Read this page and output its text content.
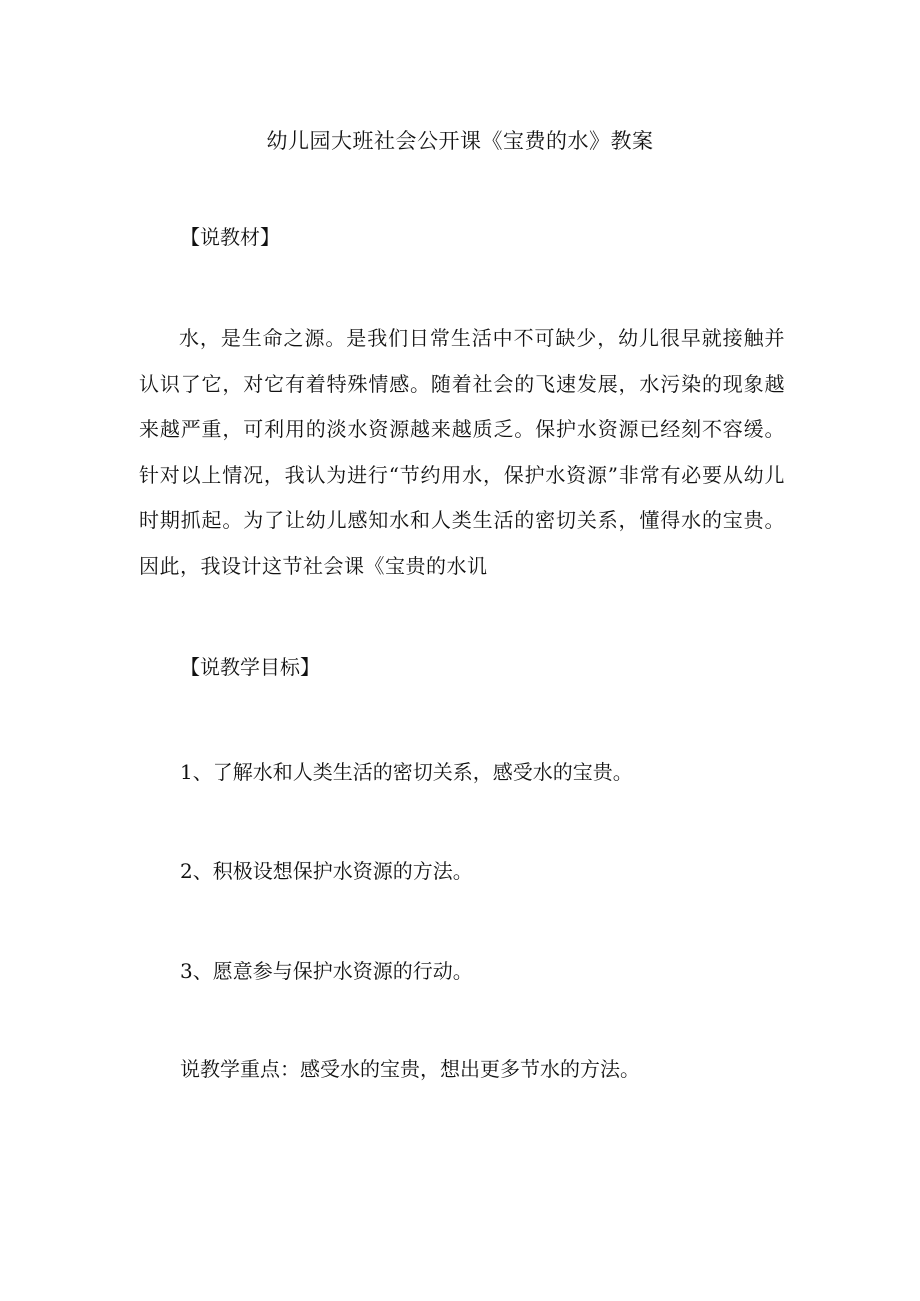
幼儿园大班社会公开课《宝费的水》教案
【说教材】
水，是生命之源。是我们日常生活中不可缺少，幼儿很早就接触并认识了它，对它有着特殊情感。随着社会的飞速发展，水污染的现象越来越严重，可利用的淡水资源越来越质乏。保护水资源已经刻不容缓。针对以上情况，我认为进行“节约用水，保护水资源”非常有必要从幼儿时期抓起。为了让幼儿感知水和人类生活的密切关系，懂得水的宝贵。因此，我设计这节社会课《宝贵的水讥
【说教学目标】
1、了解水和人类生活的密切关系，感受水的宝贵。
2、积极设想保护水资源的方法。
3、愿意参与保护水资源的行动。
说教学重点：感受水的宝贵，想出更多节水的方法。
